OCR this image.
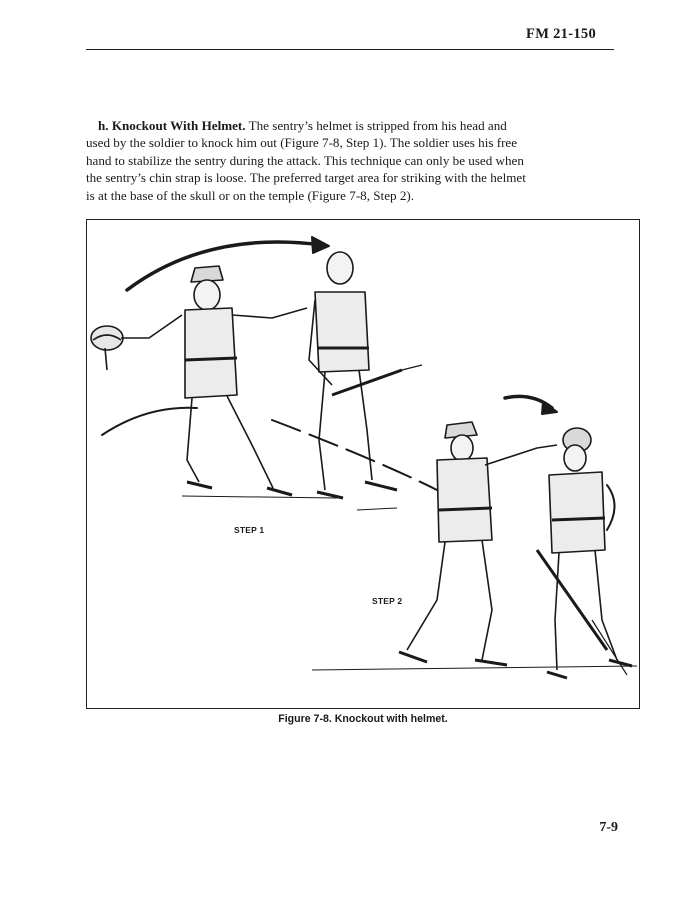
FM 21-150

h. Knockout With Helmet. The sentry’s helmet is stripped from his head and used by the soldier to knock him out (Figure 7-8, Step 1). The soldier uses his free hand to stabilize the sentry during the attack. This technique can only be used when the sentry’s chin strap is loose. The preferred target area for striking with the helmet is at the base of the skull or on the temple (Figure 7-8, Step 2).

STEP 1
STEP 2
Figure 7-8. Knockout with helmet.
7-9
